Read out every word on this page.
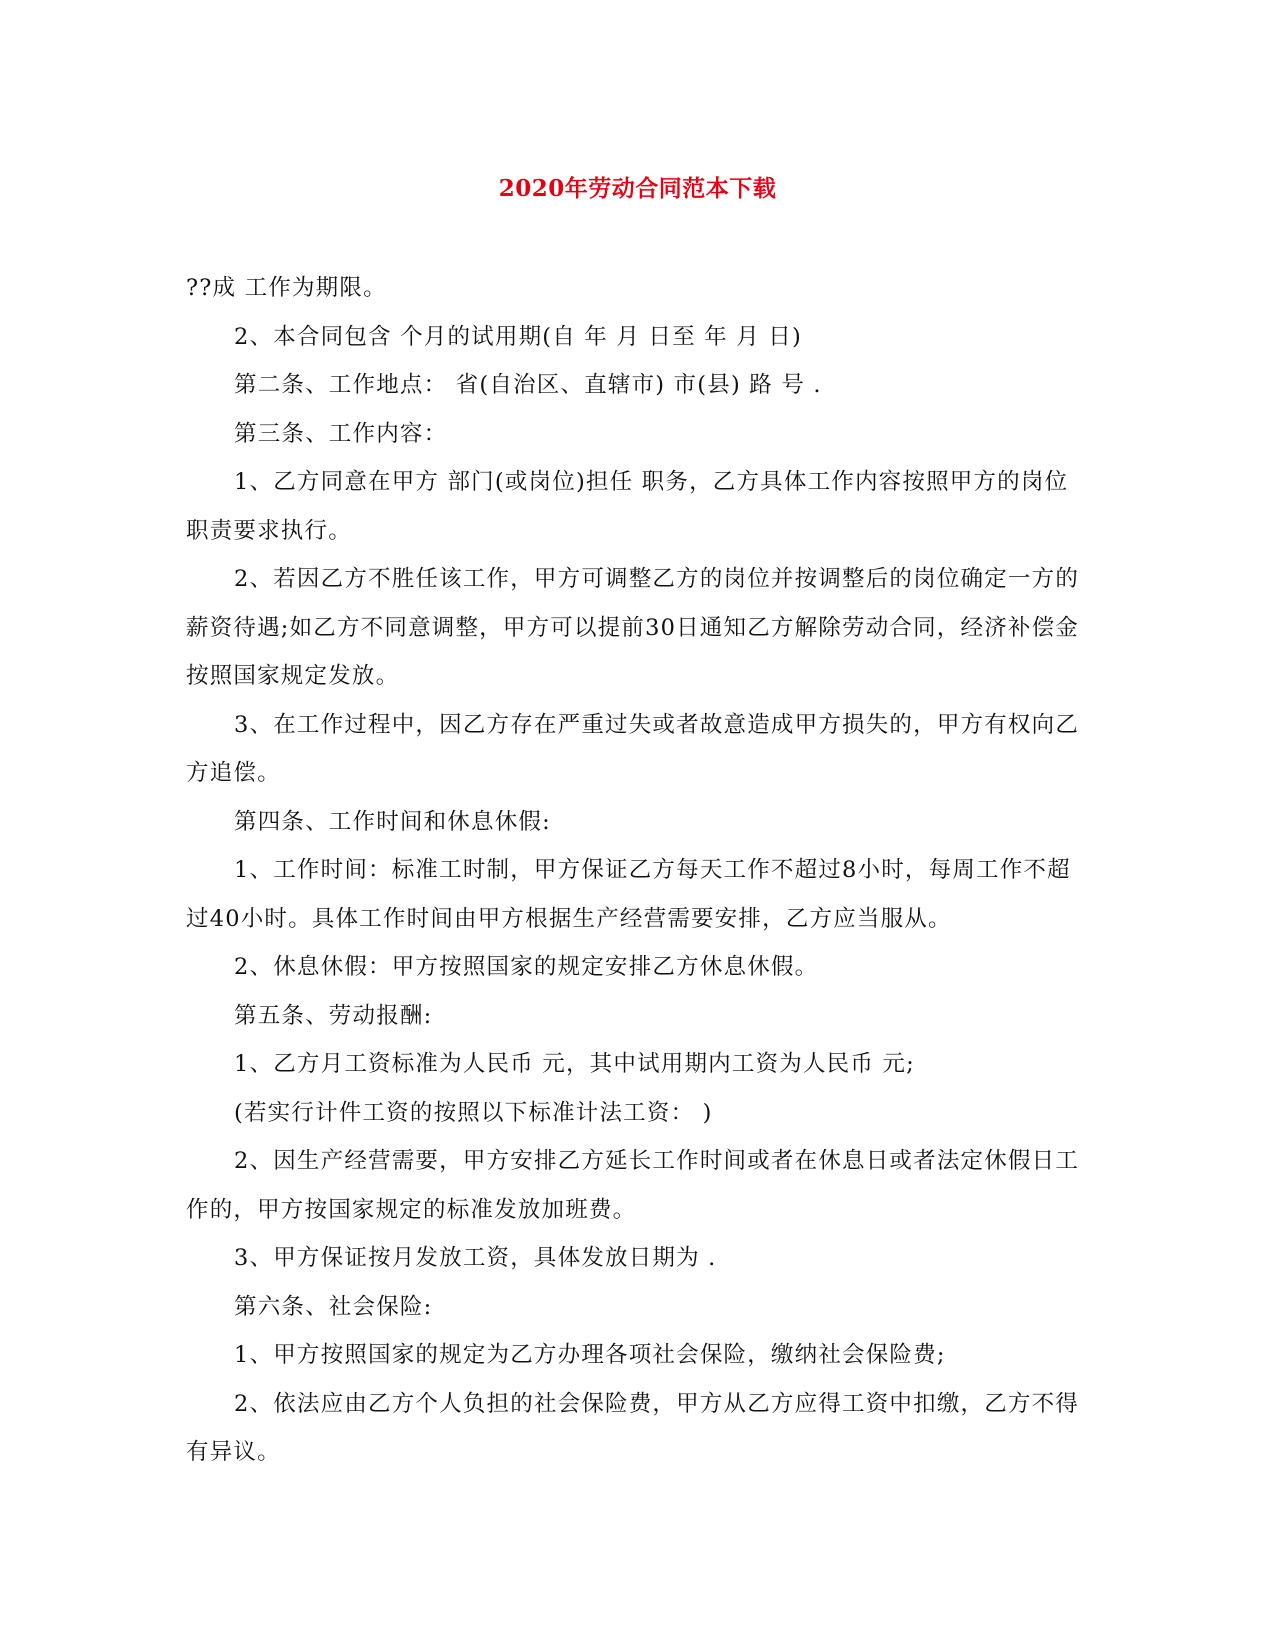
2020年劳动合同范本下载

??成 工作为期限。

2、本合同包含 个月的试用期(自 年 月 日至 年 月 日)

第二条、工作地点： 省(自治区、直辖市) 市(县) 路 号 .

第三条、工作内容：

1、乙方同意在甲方 部门(或岗位)担任 职务，乙方具体工作内容按照甲方的岗位职责要求执行。

2、若因乙方不胜任该工作，甲方可调整乙方的岗位并按调整后的岗位确定一方的薪资待遇;如乙方不同意调整，甲方可以提前30日通知乙方解除劳动合同，经济补偿金按照国家规定发放。

3、在工作过程中，因乙方存在严重过失或者故意造成甲方损失的，甲方有权向乙方追偿。

第四条、工作时间和休息休假:

1、工作时间：标准工时制，甲方保证乙方每天工作不超过8小时，每周工作不超过40小时。具体工作时间由甲方根据生产经营需要安排，乙方应当服从。

2、休息休假：甲方按照国家的规定安排乙方休息休假。

第五条、劳动报酬:

1、乙方月工资标准为人民币 元，其中试用期内工资为人民币 元;

(若实行计件工资的按照以下标准计法工资： )

2、因生产经营需要，甲方安排乙方延长工作时间或者在休息日或者法定休假日工作的，甲方按国家规定的标准发放加班费。

3、甲方保证按月发放工资，具体发放日期为 .

第六条、社会保险:

1、甲方按照国家的规定为乙方办理各项社会保险，缴纳社会保险费;

2、依法应由乙方个人负担的社会保险费，甲方从乙方应得工资中扣缴，乙方不得有异议。
